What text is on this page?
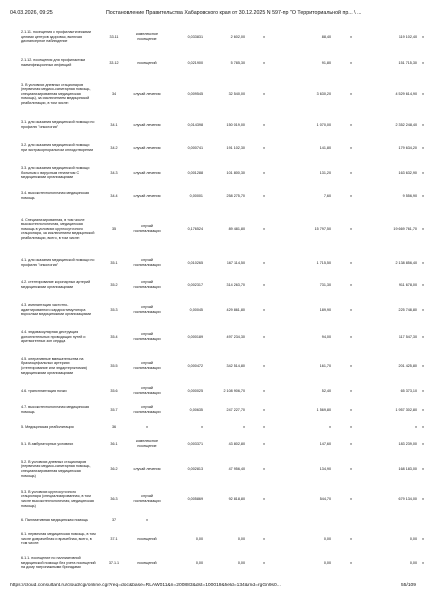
04.03.2026, 09:25	Постановление Правительства Хабаровского края от 30.12.2025 N 597-пр "О Территориальной пр... \ ...
2.1.11. посещения с профилактическими целями центров здоровья, включая диспансерное наблюдение	33.11	комплексное посещение	0,033831	2 602,00	x	88,40	x	119 102,40	x
2.1.12. посещения для профилактики наимнфекционных инфекций	33.12	посещений	0,021900	5 785,30	x	91,80	x	151 715,30	x
3. В условиях дневных стационаров (первичная медико-санитарная помощь, специализированная медицинская помощь), за исключением медицинской реабилитации, в том числе:	34	случай лечения	0,009545	32 540,00	x	3 630,20	x	4 529 614,90	x
3.1. для оказания медицинской помощи по профилю "онкология"	34.1	случай лечения	0,014398	150 019,00	x	1 070,00	x	2 352 248,40	x
3.2. для оказания медицинской помощи при экстракорпоральном оплодотворении	34.2	случай лечения	0,000741	191 102,30	x	141,80	x	179 634,20	x
3.3. для оказания медицинской помощи больным с вирусным гепатитом С медицинскими организациями	34.3	случай лечения	0,001288	101 800,30	x	131,20	x	163 632,90	x
3.4. высокотехнологичная медицинская помощь	34.4	случай лечения	0,00001	258 275,70	x	7,60	x	9 556,90	x
4. Специализированная, в том числе высокотехнологичная, медицинская помощь в условиях круглосуточного стационара, за исключением медицинской реабилитации, всего, в том числе:	35	случай госпитализации	0,176524	89 481,80	x	15 797,50	x	19 669 761,70	x
4.1. для оказания медицинской помощи по профилю "онкология"	35.1	случай госпитализации	0,010265	167 114,50	x	1 715,50	x	2 138 856,40	x
4.2. стентирование коронарных артерий медицинскими организациями	35.2	случай госпитализации	0,002317	314 263,70	x	731,30	x	911 678,00	x
4.3. имплантация частотно-адаптированного кардиостимулятора взрослым медицинскими организациями	35.3	случай госпитализации	0,00045	429 861,80	x	189,90	x	225 748,80	x
4.4. эндоваскулярная деструкция дополнительных проводящих путей и аритмогенных зон сердца	35.4	случай госпитализации	0,000189	497 234,30	x	94,00	x	117 547,30	x
4.5. оперативные вмешательства на брахиоцефальных артериях (стентирование или эндартерэктомия) медицинскими организациями	35.5	случай госпитализации	0,000472	342 514,80	x	161,70	x	201 425,80	x
4.6. трансплантация почки	35.6	случай госпитализации	0,000025	2 108 906,70	x	52,40	x	65 373,10	x
4.7. высокотехнологичная медицинская помощь	35.7	случай госпитализации	0,00635	247 227,70	x	1 569,80	x	1 957 302,80	x
5. Медицинская реабилитация	36	x	x	x	x	x	x	x	x
5.1. В амбулаторных условиях	36.1	комплексное посещение	0,003371	43 802,80	x	147,60	x	183 239,00	x
5.2. В условиях дневных стационаров (первичная медико-санитарная помощь, специализированная медицинская помощь)	36.2	случай лечения	0,002813	47 956,40	x	134,90	x	168 183,00	x
5.3. В условиях круглосуточного стационара (специализированная, в том числе высокотехнологичная, медицинская помощь)	36.3	случай госпитализации	0,005869	92 818,80	x	544,70	x	679 134,00	x
6. Паллиативная медицинская помощь	37	x							
6.1. первичная медицинская помощь, в том числе доврачебная и врачебная, всего, в том числе:	37.1	посещений	0,00	0,00	x	0,00	x	0,00	x
6.1.1. посещение по паллиативной медицинской помощи без учета посещений на дому патронажными бригадами	37.1.1	посещений	0,00	0,00	x	0,00	x	0,00	x
https://cloud.consultant.ru/cloud/cgi/online.cgi?req=doc&base=RLAW011&n=200883&dst=100019&field=134&rnd=rgGn9s0...	55/109
